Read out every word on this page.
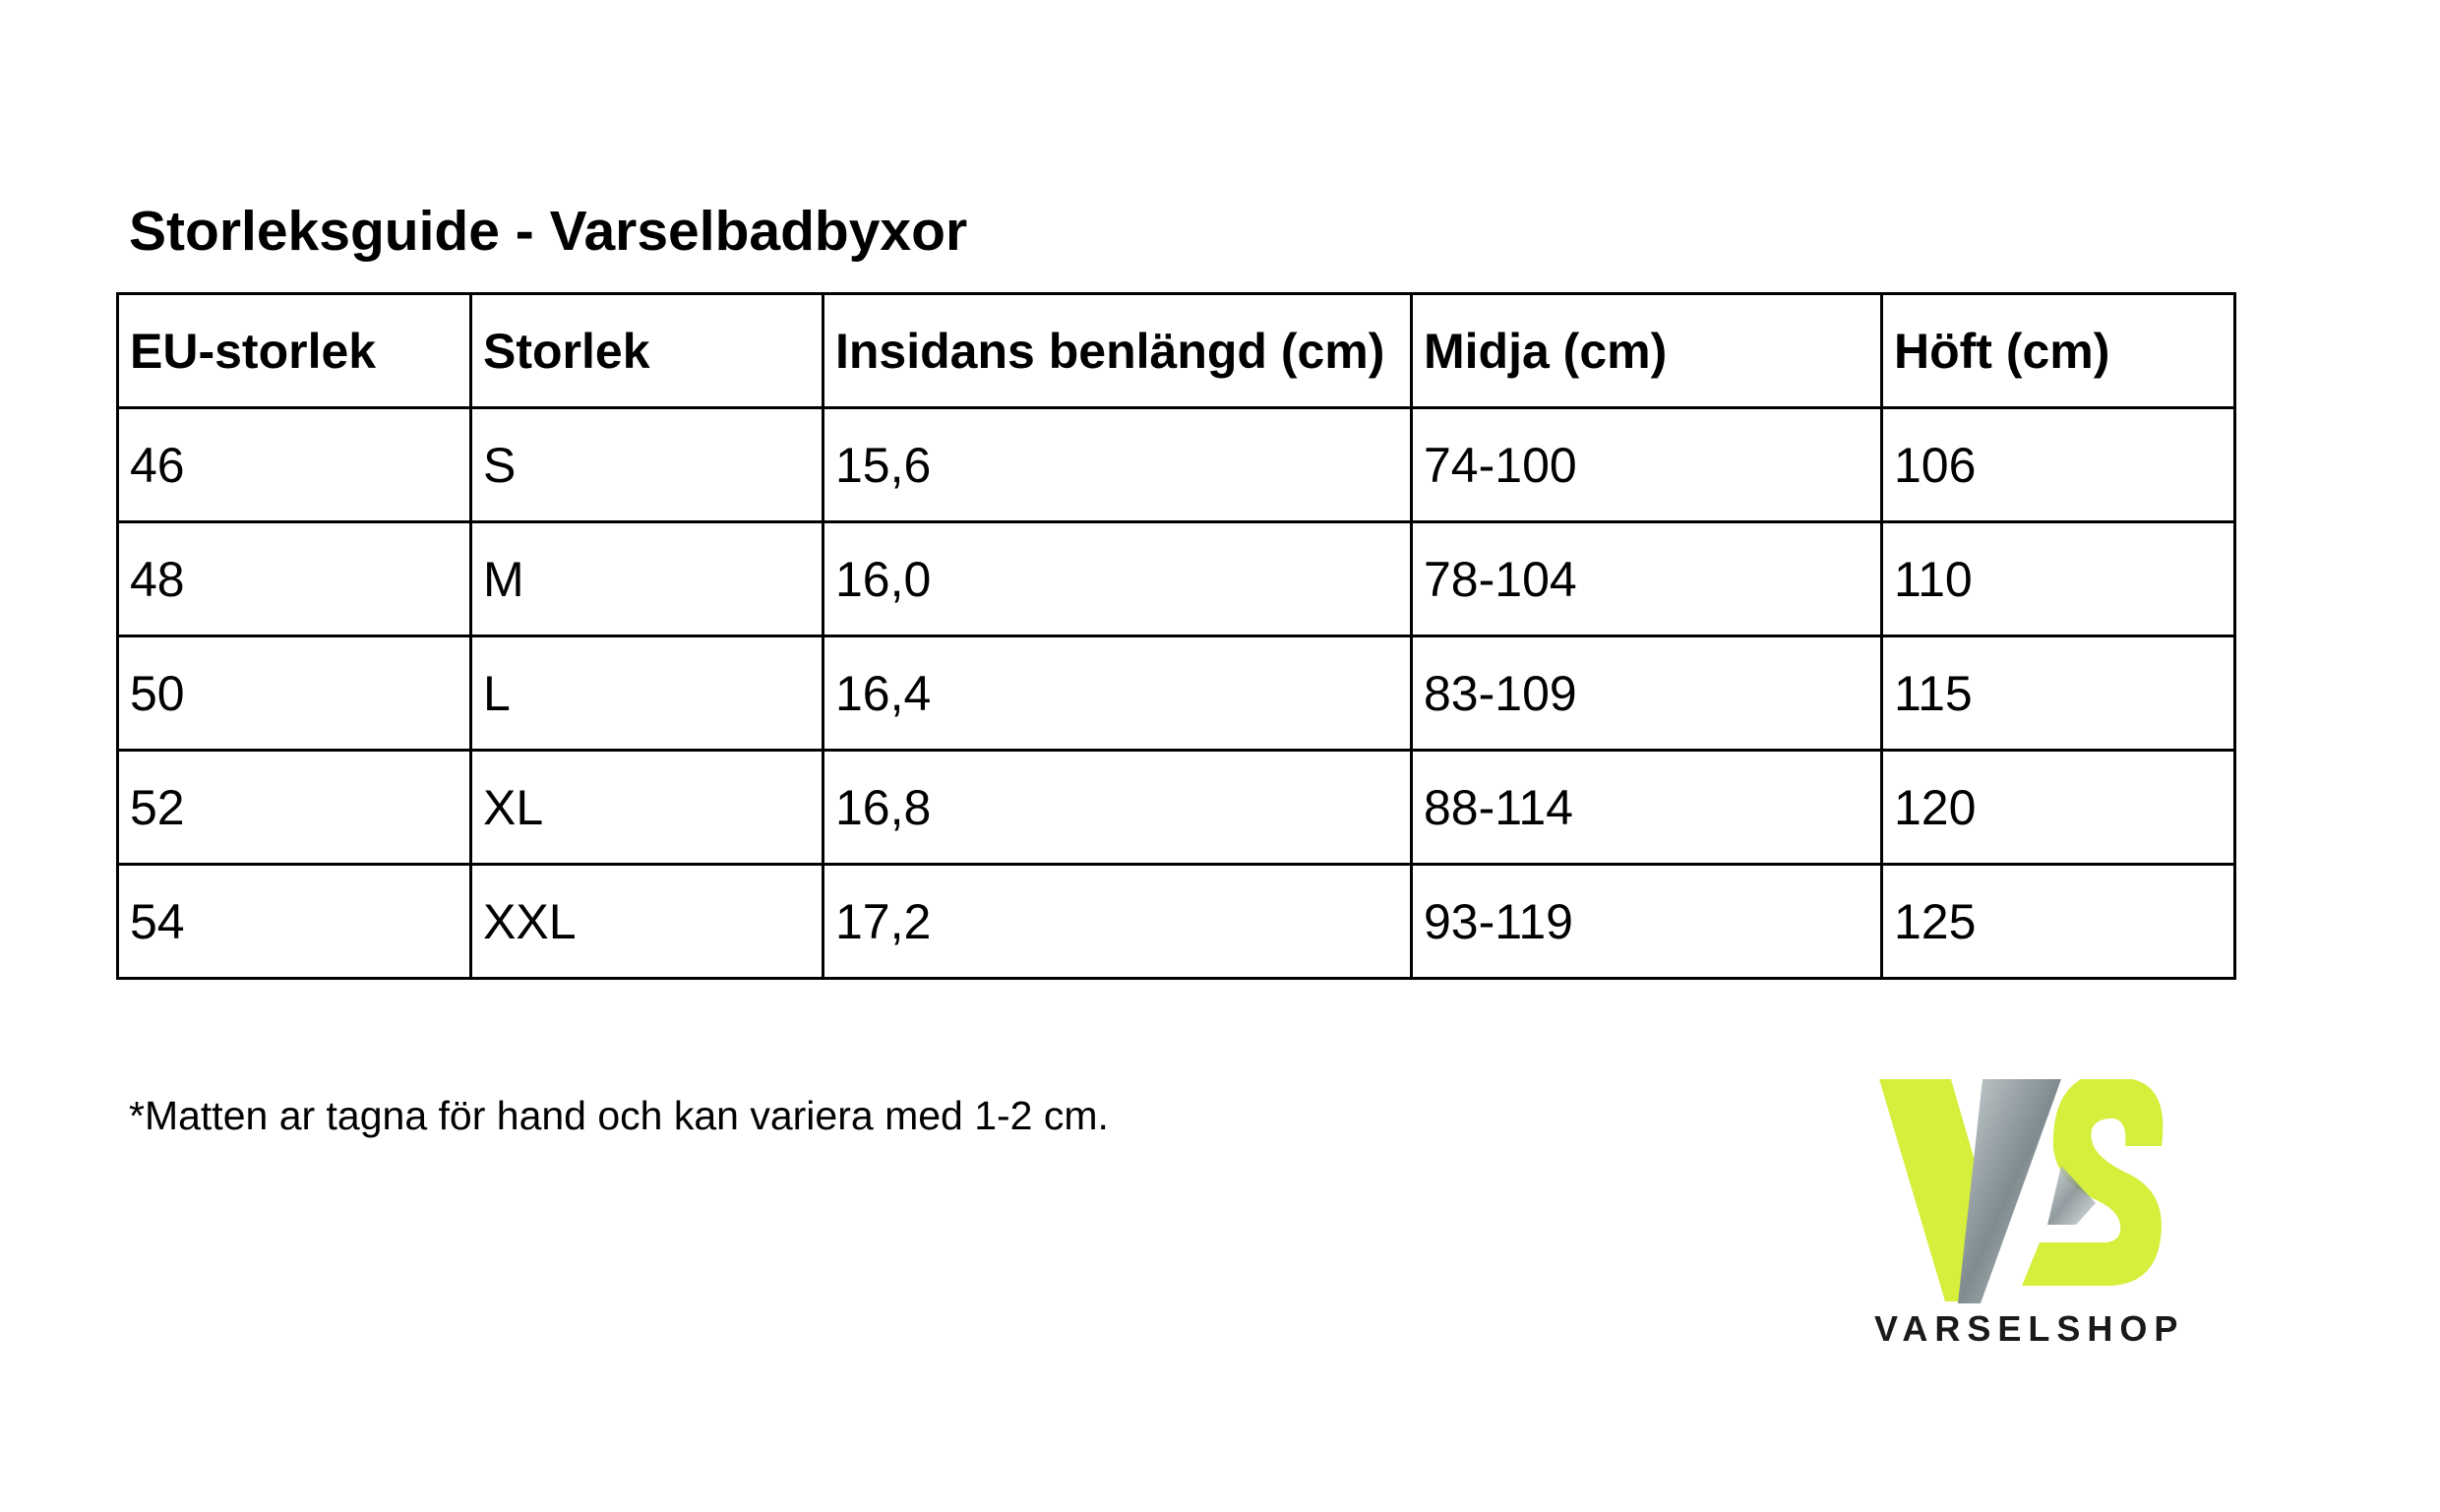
Storleksguide - Varselbadbyxor
EU-storlek	Storlek	Insidans benlängd (cm)	Midja (cm)	Höft (cm)
46	S	15,6	74-100	106
48	M	16,0	78-104	110
50	L	16,4	83-109	115
52	XL	16,8	88-114	120
54	XXL	17,2	93-119	125
*Matten ar tagna för hand och kan variera med 1-2 cm.
VARSELSHOP
